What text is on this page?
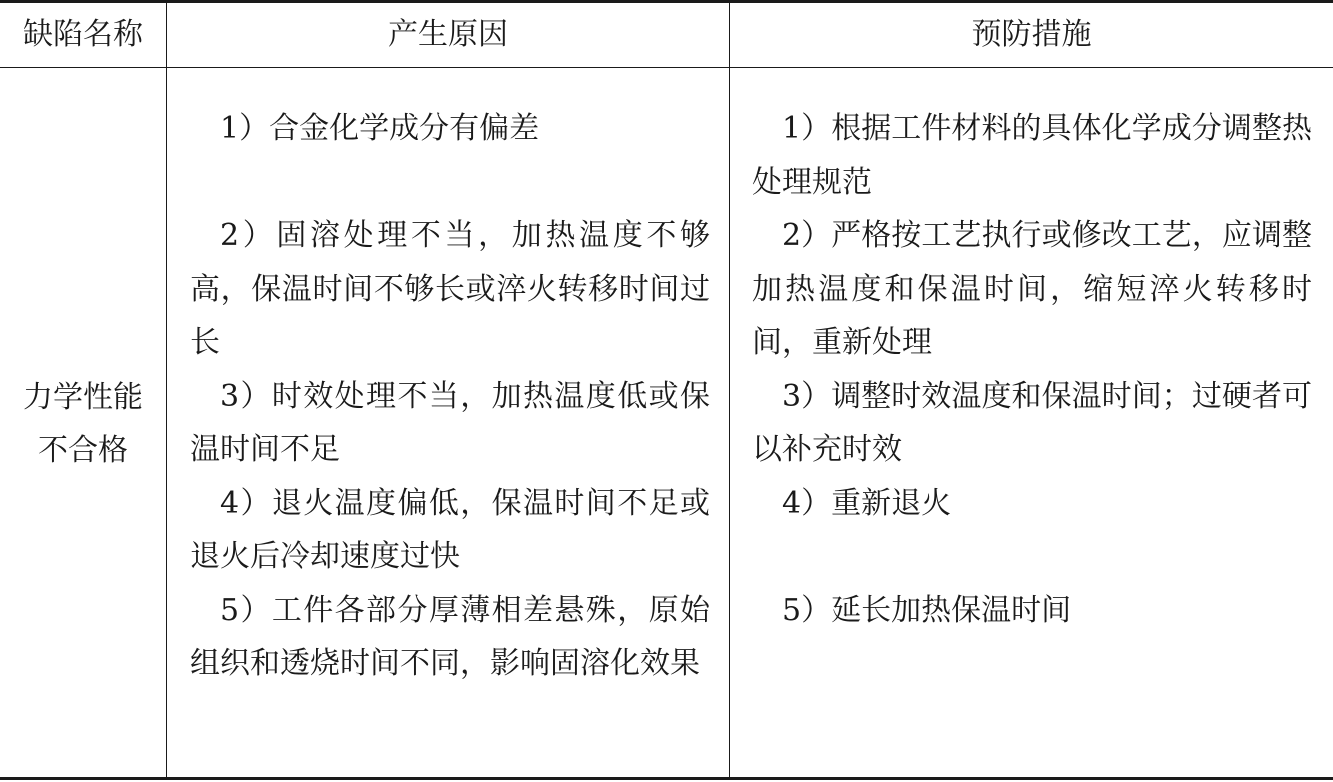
缺陷名称	产生原因	预防措施
力学性能
不合格
1）合金化学成分有偏差
2）固溶处理不当，加热温度不够高，保温时间不够长或淬火转移时间过长
3）时效处理不当，加热温度低或保温时间不足
4）退火温度偏低，保温时间不足或退火后冷却速度过快
5）工件各部分厚薄相差悬殊，原始组织和透烧时间不同，影响固溶化效果
1）根据工件材料的具体化学成分调整热处理规范
2）严格按工艺执行或修改工艺，应调整加热温度和保温时间，缩短淬火转移时间，重新处理
3）调整时效温度和保温时间；过硬者可以补充时效
4）重新退火
5）延长加热保温时间
